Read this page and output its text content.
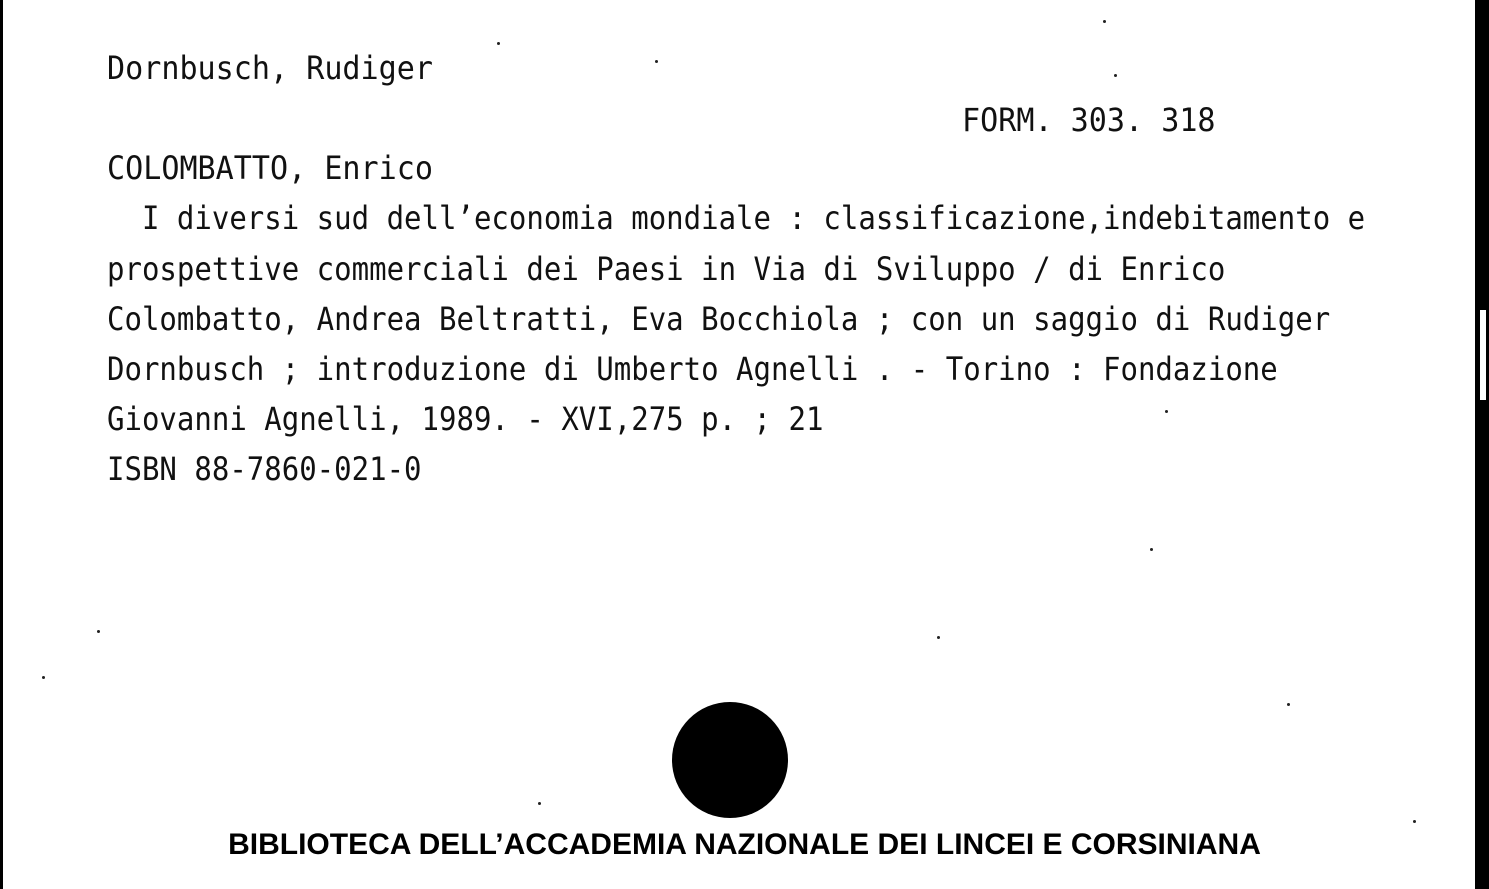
Dornbusch, Rudiger
FORM. 303. 318
COLOMBATTO, Enrico
I diversi sud dell’economia mondiale : classificazione,indebitamento e
prospettive commerciali dei Paesi in Via di Sviluppo / di Enrico
Colombatto, Andrea Beltratti, Eva Bocchiola ; con un saggio di Rudiger
Dornbusch ; introduzione di Umberto Agnelli . - Torino : Fondazione
Giovanni Agnelli, 1989. - XVI,275 p. ; 21
ISBN 88-7860-021-0
BIBLIOTECA DELL’ACCADEMIA NAZIONALE DEI LINCEI E CORSINIANA
